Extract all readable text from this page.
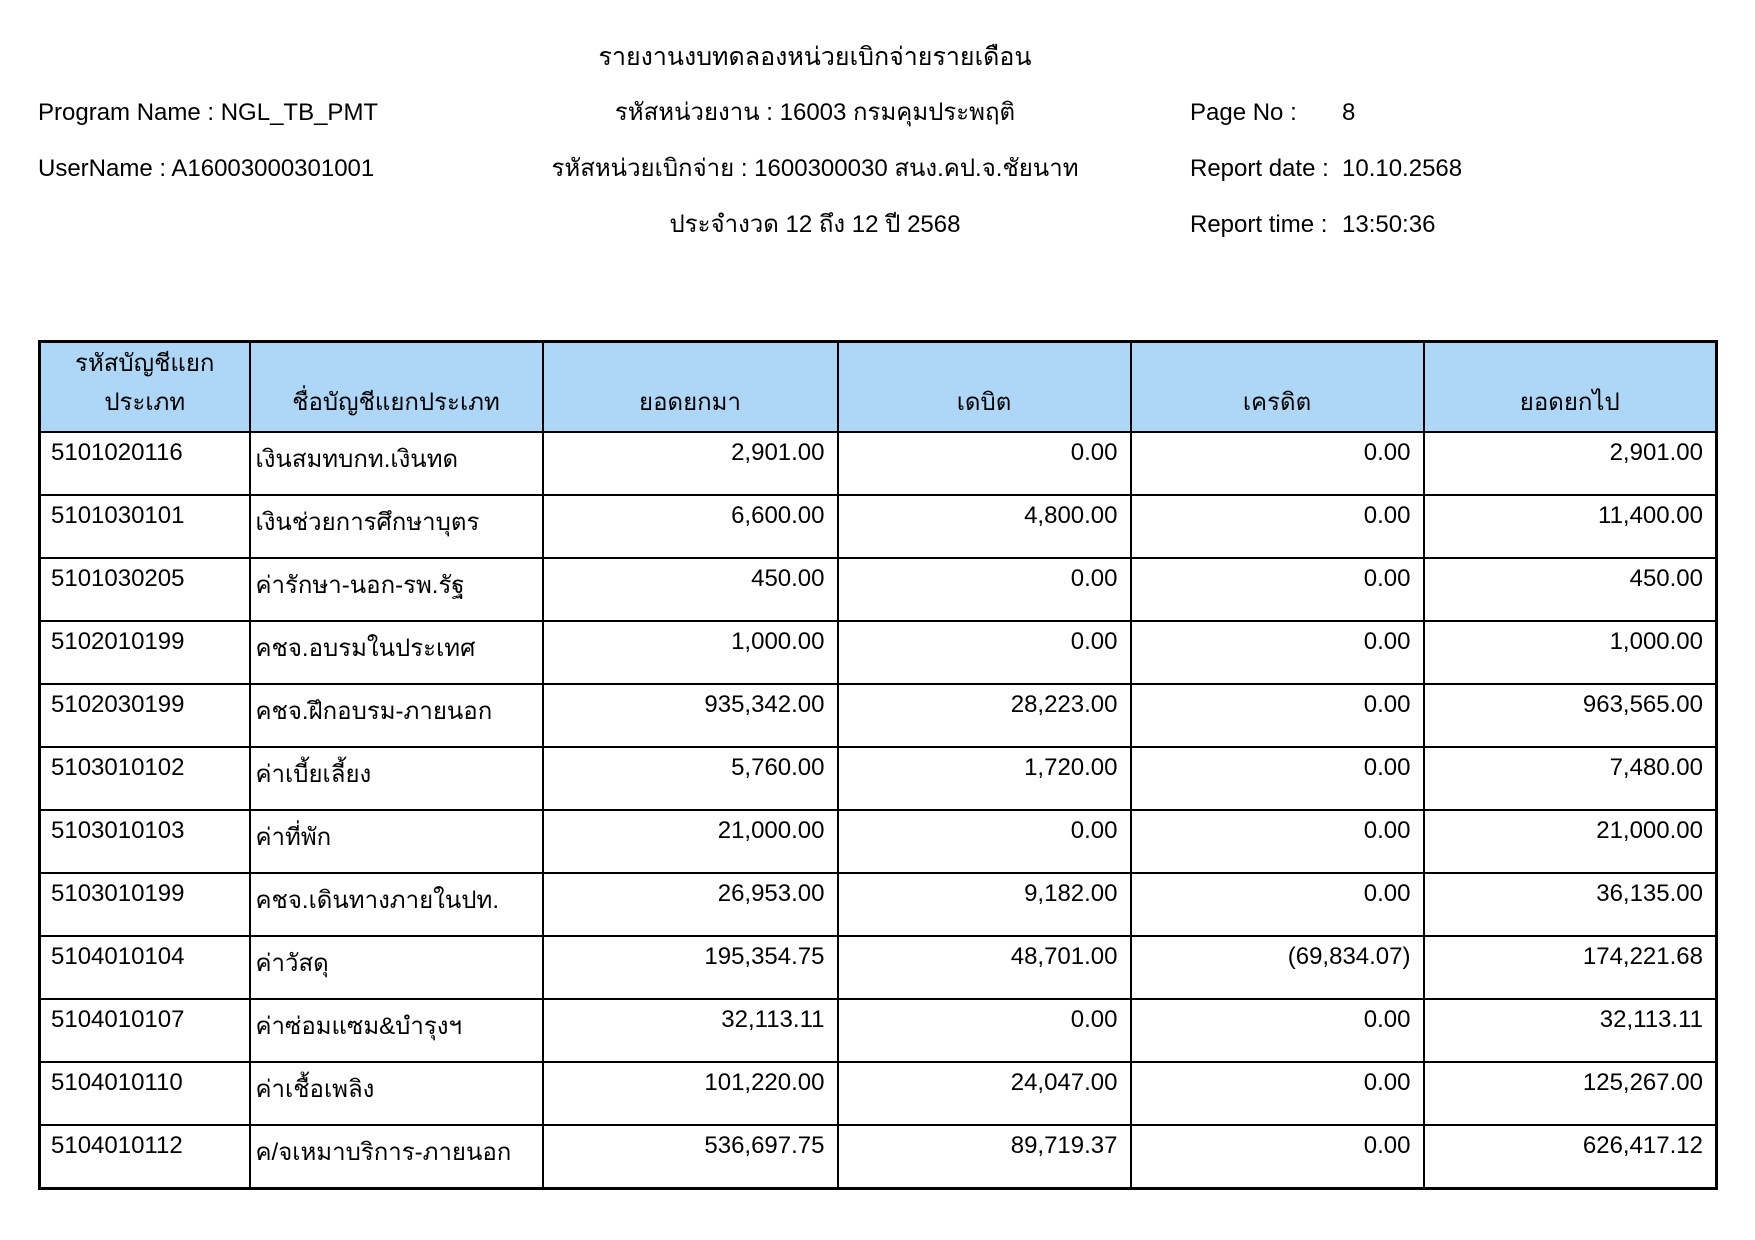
รายงานงบทดลองหน่วยเบิกจ่ายรายเดือน
Program Name : NGL_TB_PMT
UserName : A16003000301001
รหัสหน่วยงาน : 16003 กรมคุมประพฤติ
รหัสหน่วยเบิกจ่าย : 1600300030 สนง.คป.จ.ชัยนาท
ประจำงวด 12 ถึง 12 ปี 2568
Page No : 8
Report date : 10.10.2568
Report time : 13:50:36
รหัสบัญชีแยกประเภท	ชื่อบัญชีแยกประเภท	ยอดยกมา	เดบิต	เครดิต	ยอดยกไป
5101020116	เงินสมทบกท.เงินทด	2,901.00	0.00	0.00	2,901.00
5101030101	เงินช่วยการศึกษาบุตร	6,600.00	4,800.00	0.00	11,400.00
5101030205	ค่ารักษา-นอก-รพ.รัฐ	450.00	0.00	0.00	450.00
5102010199	คชจ.อบรมในประเทศ	1,000.00	0.00	0.00	1,000.00
5102030199	คชจ.ฝึกอบรม-ภายนอก	935,342.00	28,223.00	0.00	963,565.00
5103010102	ค่าเบี้ยเลี้ยง	5,760.00	1,720.00	0.00	7,480.00
5103010103	ค่าที่พัก	21,000.00	0.00	0.00	21,000.00
5103010199	คชจ.เดินทางภายในปท.	26,953.00	9,182.00	0.00	36,135.00
5104010104	ค่าวัสดุ	195,354.75	48,701.00	(69,834.07)	174,221.68
5104010107	ค่าซ่อมแซม&บำรุงฯ	32,113.11	0.00	0.00	32,113.11
5104010110	ค่าเชื้อเพลิง	101,220.00	24,047.00	0.00	125,267.00
5104010112	ค/จเหมาบริการ-ภายนอก	536,697.75	89,719.37	0.00	626,417.12
